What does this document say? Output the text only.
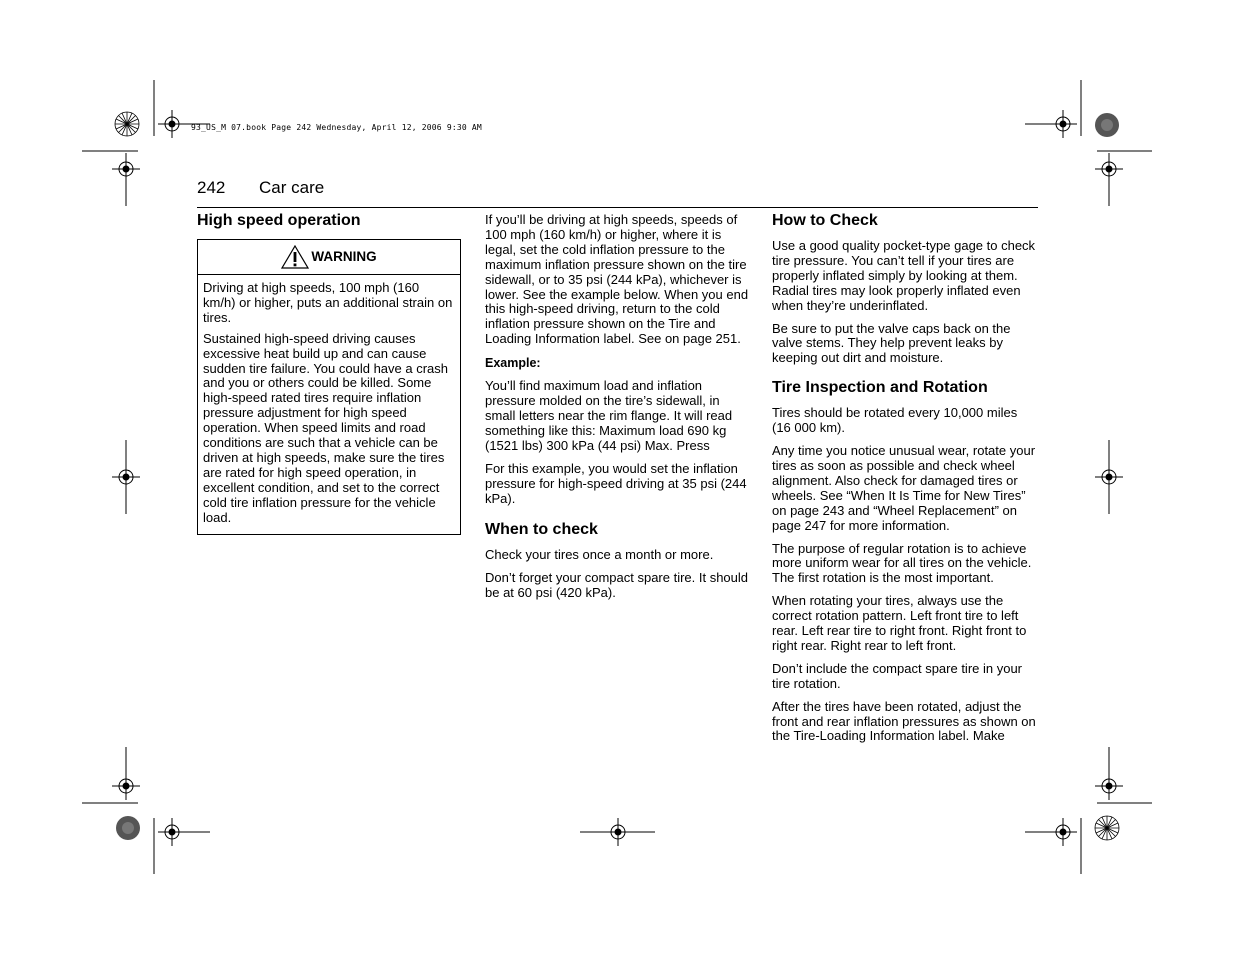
93_US_M 07.book Page 242 Wednesday, April 12, 2006 9:30 AM
242 Car care
High speed operation
WARNING

Driving at high speeds, 100 mph (160 km/h) or higher, puts an additional strain on tires.

Sustained high-speed driving causes excessive heat build up and can cause sudden tire failure. You could have a crash and you or others could be killed. Some high-speed rated tires require inflation pressure adjustment for high speed operation. When speed limits and road conditions are such that a vehicle can be driven at high speeds, make sure the tires are rated for high speed operation, in excellent condition, and set to the correct cold tire inflation pressure for the vehicle load.

If you’ll be driving at high speeds, speeds of 100 mph (160 km/h) or higher, where it is legal, set the cold inflation pressure to the maximum inflation pressure shown on the tire sidewall, or to 35 psi (244 kPa), whichever is lower. See the example below. When you end this high-speed driving, return to the cold inflation pressure shown on the Tire and Loading Information label. See on page 251.

Example:

You’ll find maximum load and inflation pressure molded on the tire’s sidewall, in small letters near the rim flange. It will read something like this: Maximum load 690 kg (1521 lbs) 300 kPa (44 psi) Max. Press

For this example, you would set the inflation pressure for high-speed driving at 35 psi (244 kPa).

When to check

Check your tires once a month or more.

Don’t forget your compact spare tire. It should be at 60 psi (420 kPa).

How to Check

Use a good quality pocket-type gage to check tire pressure. You can’t tell if your tires are properly inflated simply by looking at them. Radial tires may look properly inflated even when they’re underinflated.

Be sure to put the valve caps back on the valve stems. They help prevent leaks by keeping out dirt and moisture.

Tire Inspection and Rotation

Tires should be rotated every 10,000 miles (16 000 km).

Any time you notice unusual wear, rotate your tires as soon as possible and check wheel alignment. Also check for damaged tires or wheels. See “When It Is Time for New Tires” on page 243 and “Wheel Replacement” on page 247 for more information.

The purpose of regular rotation is to achieve more uniform wear for all tires on the vehicle. The first rotation is the most important.

When rotating your tires, always use the correct rotation pattern. Left front tire to left rear. Left rear tire to right front. Right front to right rear. Right rear to left front.

Don’t include the compact spare tire in your tire rotation.

After the tires have been rotated, adjust the front and rear inflation pressures as shown on the Tire-Loading Information label. Make
